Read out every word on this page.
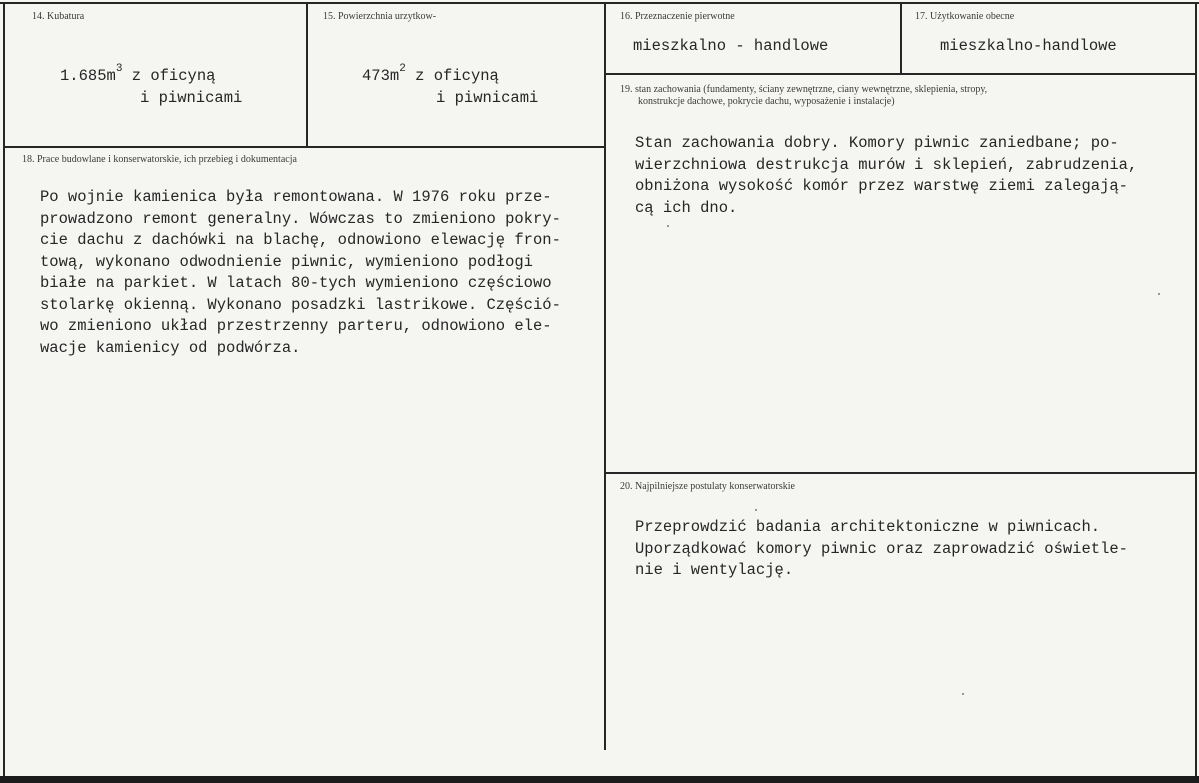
14. Kubatura
$1.685m^3$ z oficyną
i piwnicami
15. Powierzchnia urzytkow-
$473m^2$ z oficyną
i piwnicami
16. Przeznaczenie pierwotne
mieszkalno - handlowe
17. Użytkowanie obecne
mieszkalno-handlowe
18. Prace budowlane i konserwatorskie, ich przebieg i dokumentacja
Po wojnie kamienica była remontowana. W 1976 roku prze-
prowadzono remont generalny. Wówczas to zmieniono pokry-
cie dachu z dachówki na blachę, odnowiono elewację fron-
tową, wykonano odwodnienie piwnic, wymieniono podłogi
białe na parkiet. W latach 80-tych wymieniono częściowo
stolarkę okienną. Wykonano posadzki lastrikowe. Częśció-
wo zmieniono układ przestrzenny parteru, odnowiono ele-
wacje kamienicy od podwórza.
19. stan zachowania (fundamenty, ściany zewnętrzne, ciany wewnętrzne, sklepienia, stropy,
konstrukcje dachowe, pokrycie dachu, wyposażenie i instalacje)
Stan zachowania dobry. Komory piwnic zaniedbane; po-
wierzchniowa destrukcja murów i sklepień, zabrudzenia,
obniżona wysokość komór przez warstwę ziemi zalegają-
cą ich dno.
20. Najpilniejsze postulaty konserwatorskie
Przeprowdzić badania architektoniczne w piwnicach.
Uporządkować komory piwnic oraz zaprowadzić oświetle-
nie i wentylację.
